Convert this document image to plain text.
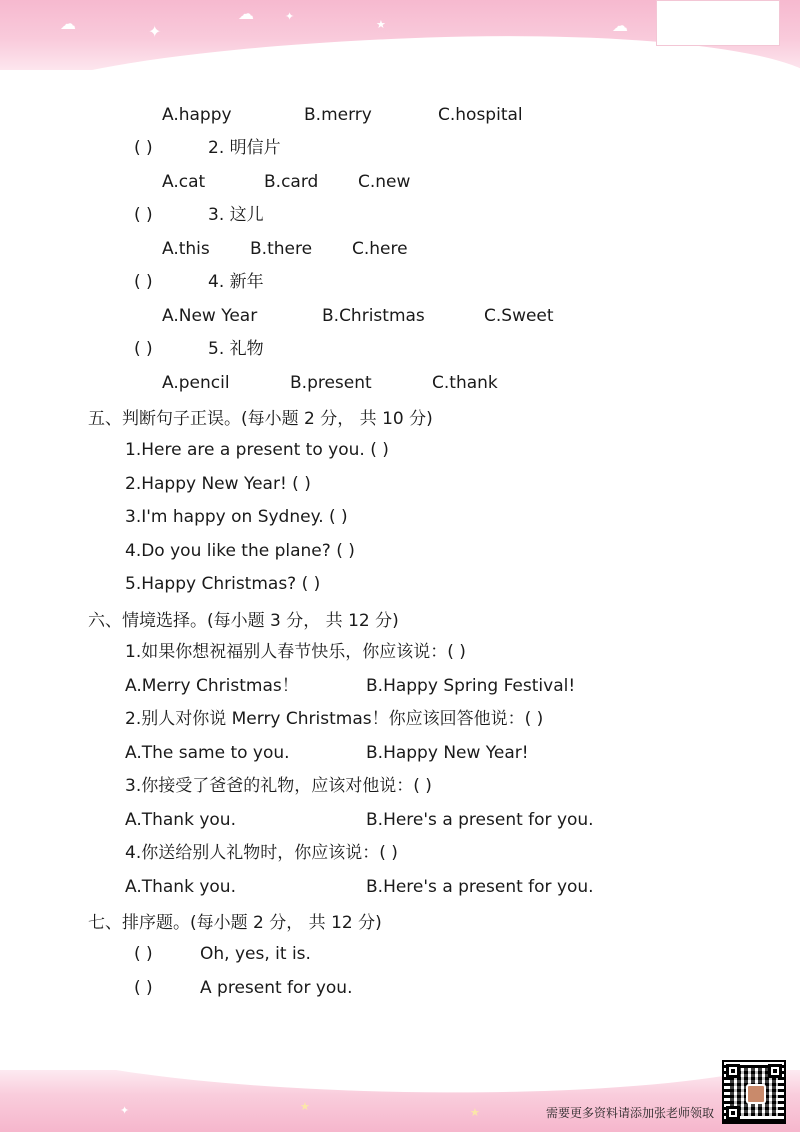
☁	✦
☁	✦
★	☁
A.happy	B.merry	C.hospital
( )	2. 明信片
A.cat	B.card C.new
( )	3. 这儿
A.this B.there C.here
( )	4. 新年
A.New Year	B.Christmas	C.Sweet
( )	5. 礼物
A.pencil	B.present	C.thank
五、判断句子正误。(每小题 2 分， 共 10 分)
1.Here are a present to you. ( )
2.Happy New Year! ( )
3.I'm happy on Sydney. ( )
4.Do you like the plane? ( )
5.Happy Christmas? ( )
六、情境选择。(每小题 3 分， 共 12 分)
1.如果你想祝福别人春节快乐，你应该说：( )
A.Merry Christmas！	B.Happy Spring Festival!
2.别人对你说 Merry Christmas！你应该回答他说：( )
A.The same to you.	B.Happy New Year!
3.你接受了爸爸的礼物，应该对他说：( )
A.Thank you.	B.Here's a present for you.
4.你送给别人礼物时，你应该说：( )
A.Thank you.	B.Here's a present for you.
七、排序题。(每小题 2 分， 共 12 分)
( )	Oh, yes, it is.
( )	A present for you.
★	★
✦	需要更多资料请添加张老师领取
